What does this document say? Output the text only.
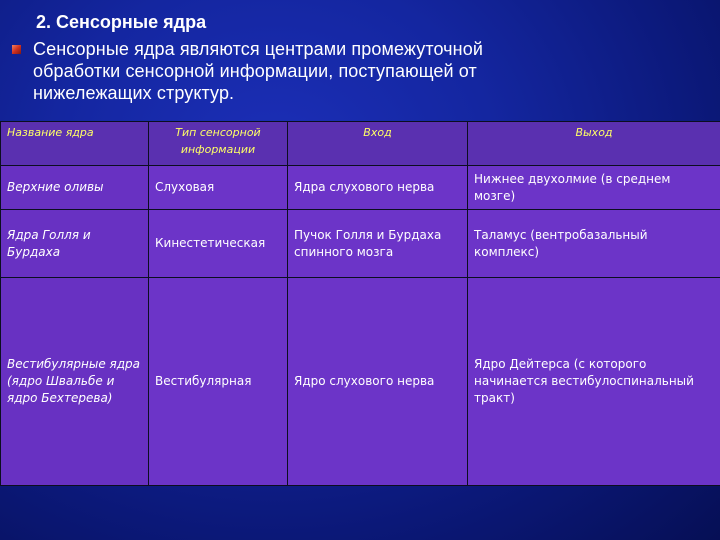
2. Сенсорные ядра
Сенсорные ядра являются центрами промежуточной обработки сенсорной информации, поступающей от нижележащих структур.
Название ядра	Тип сенсорной информации	Вход	Выход
Верхние оливы	Слуховая	Ядра слухового нерва	Нижнее двухолмие (в среднем мозге)
Ядра Голля и Бурдаха	Кинестетическая	Пучок Голля и Бурдаха спинного мозга	Таламус (вентробазальный комплекс)
Вестибулярные ядра (ядро Швальбе и ядро Бехтерева)	Вестибулярная	Ядро слухового нерва	Ядро Дейтерса (с которого начинается вестибулоспинальный тракт)
